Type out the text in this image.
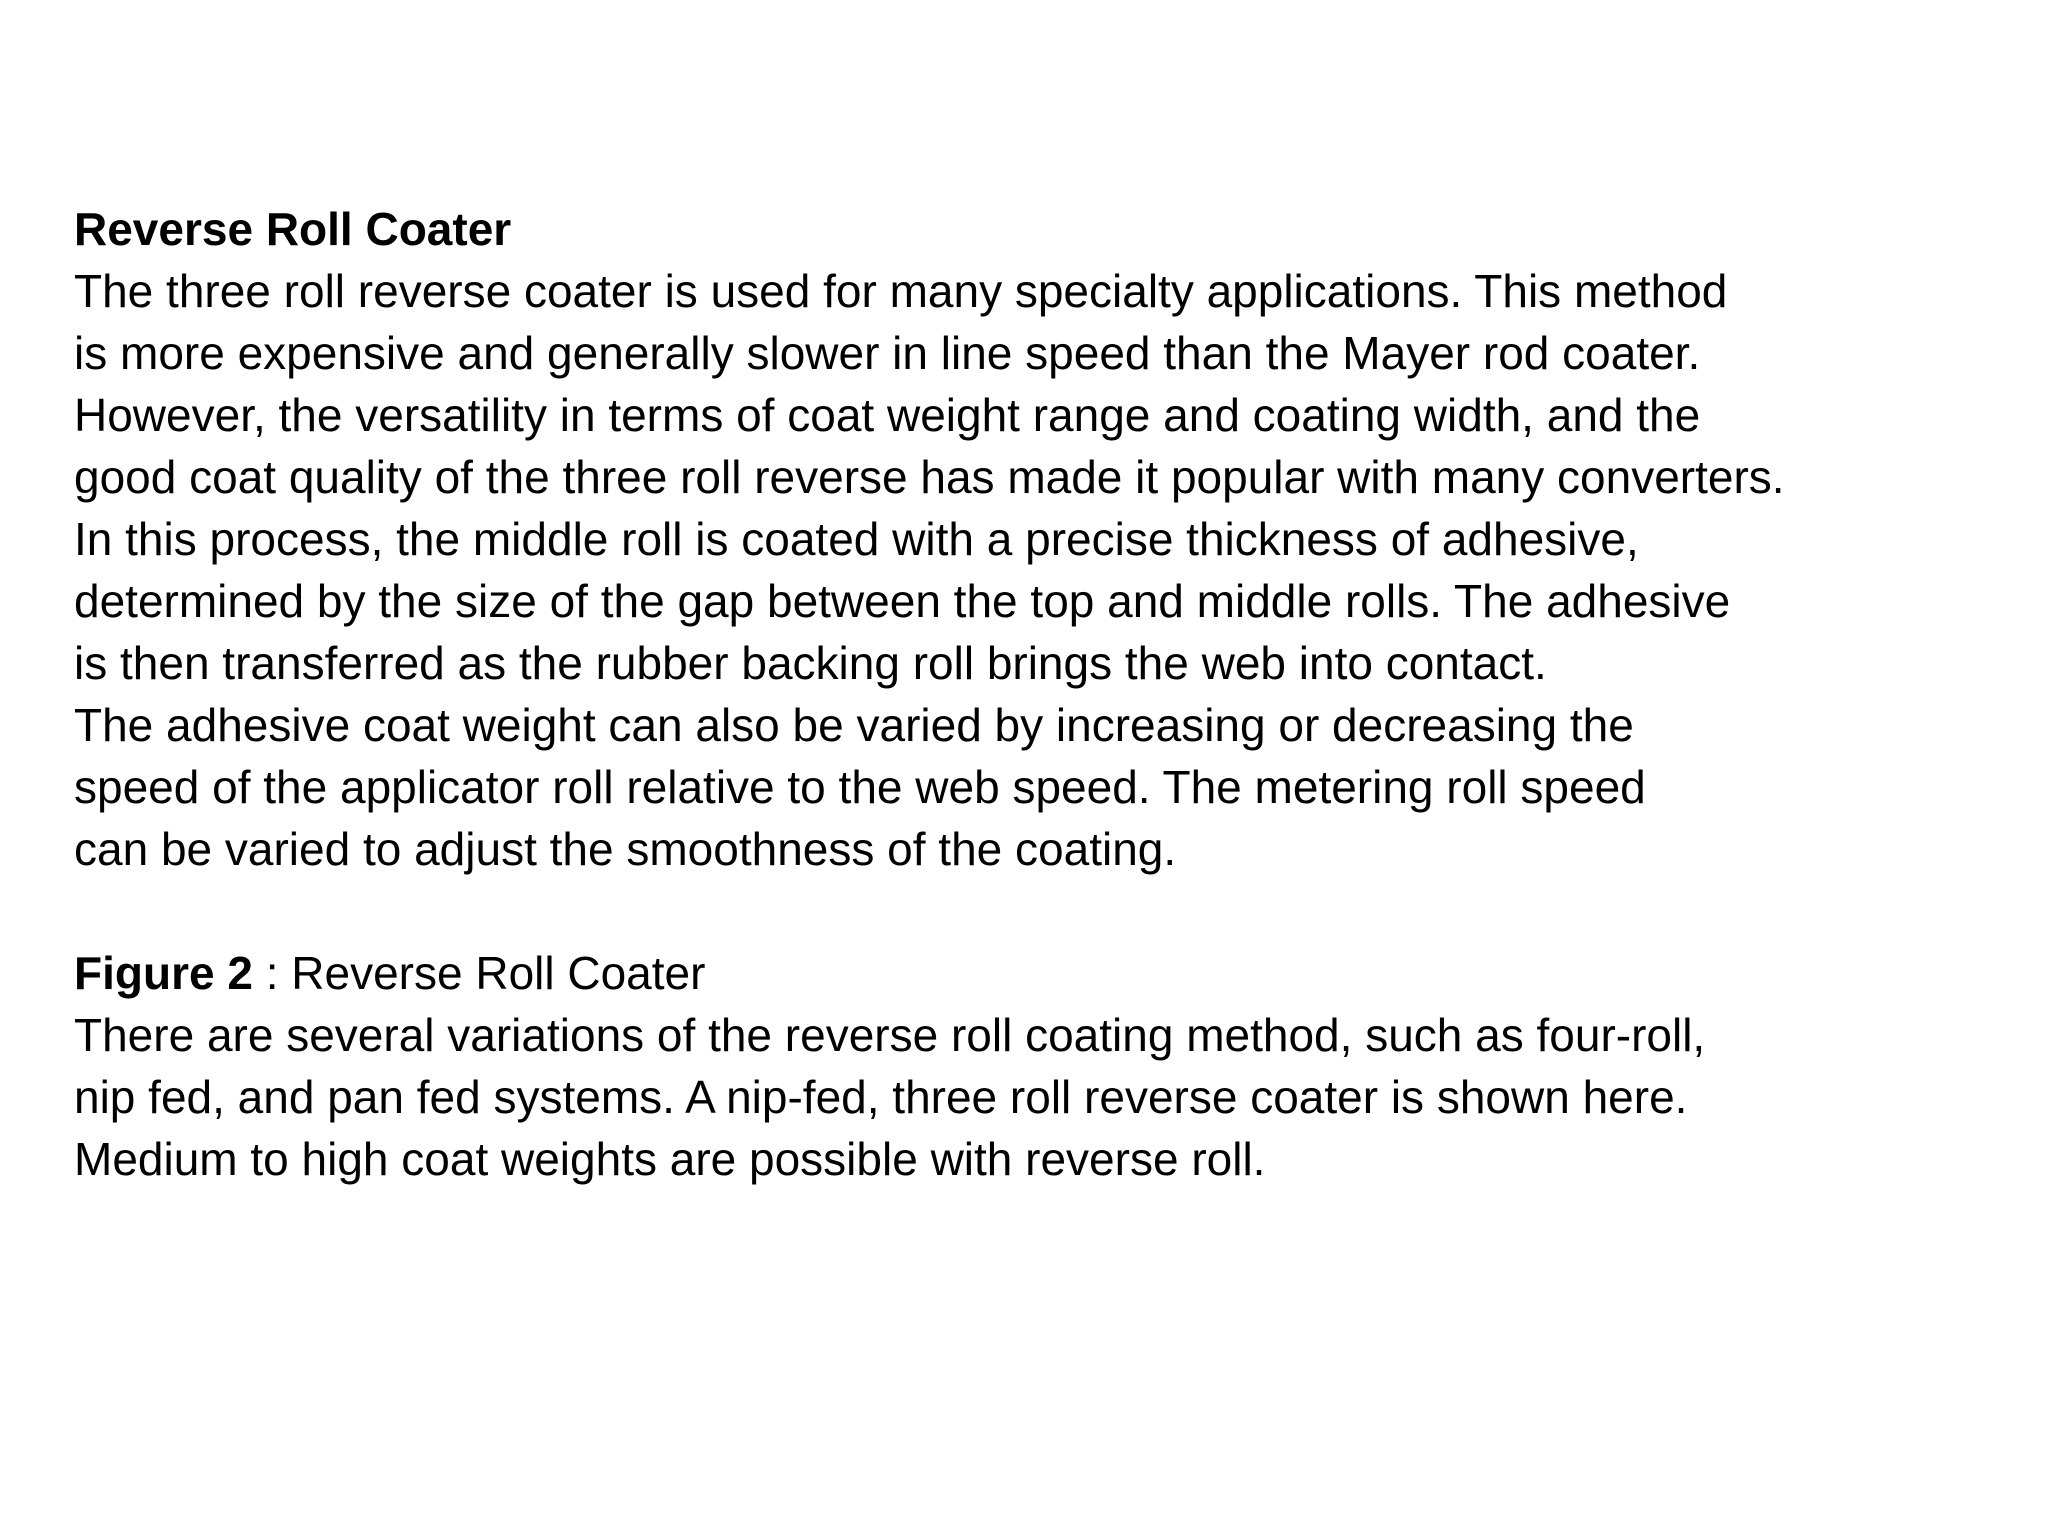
Reverse Roll Coater
The three roll reverse coater is used for many specialty applications. This method
is more expensive and generally slower in line speed than the Mayer rod coater.
However, the versatility in terms of coat weight range and coating width, and the
good coat quality of the three roll reverse has made it popular with many converters.
In this process, the middle roll is coated with a precise thickness of adhesive,
determined by the size of the gap between the top and middle rolls. The adhesive
is then transferred as the rubber backing roll brings the web into contact.
The adhesive coat weight can also be varied by increasing or decreasing the
speed of the applicator roll relative to the web speed. The metering roll speed
can be varied to adjust the smoothness of the coating.
Figure 2 : Reverse Roll Coater
There are several variations of the reverse roll coating method, such as four-roll,
nip fed, and pan fed systems. A nip-fed, three roll reverse coater is shown here.
Medium to high coat weights are possible with reverse roll.
